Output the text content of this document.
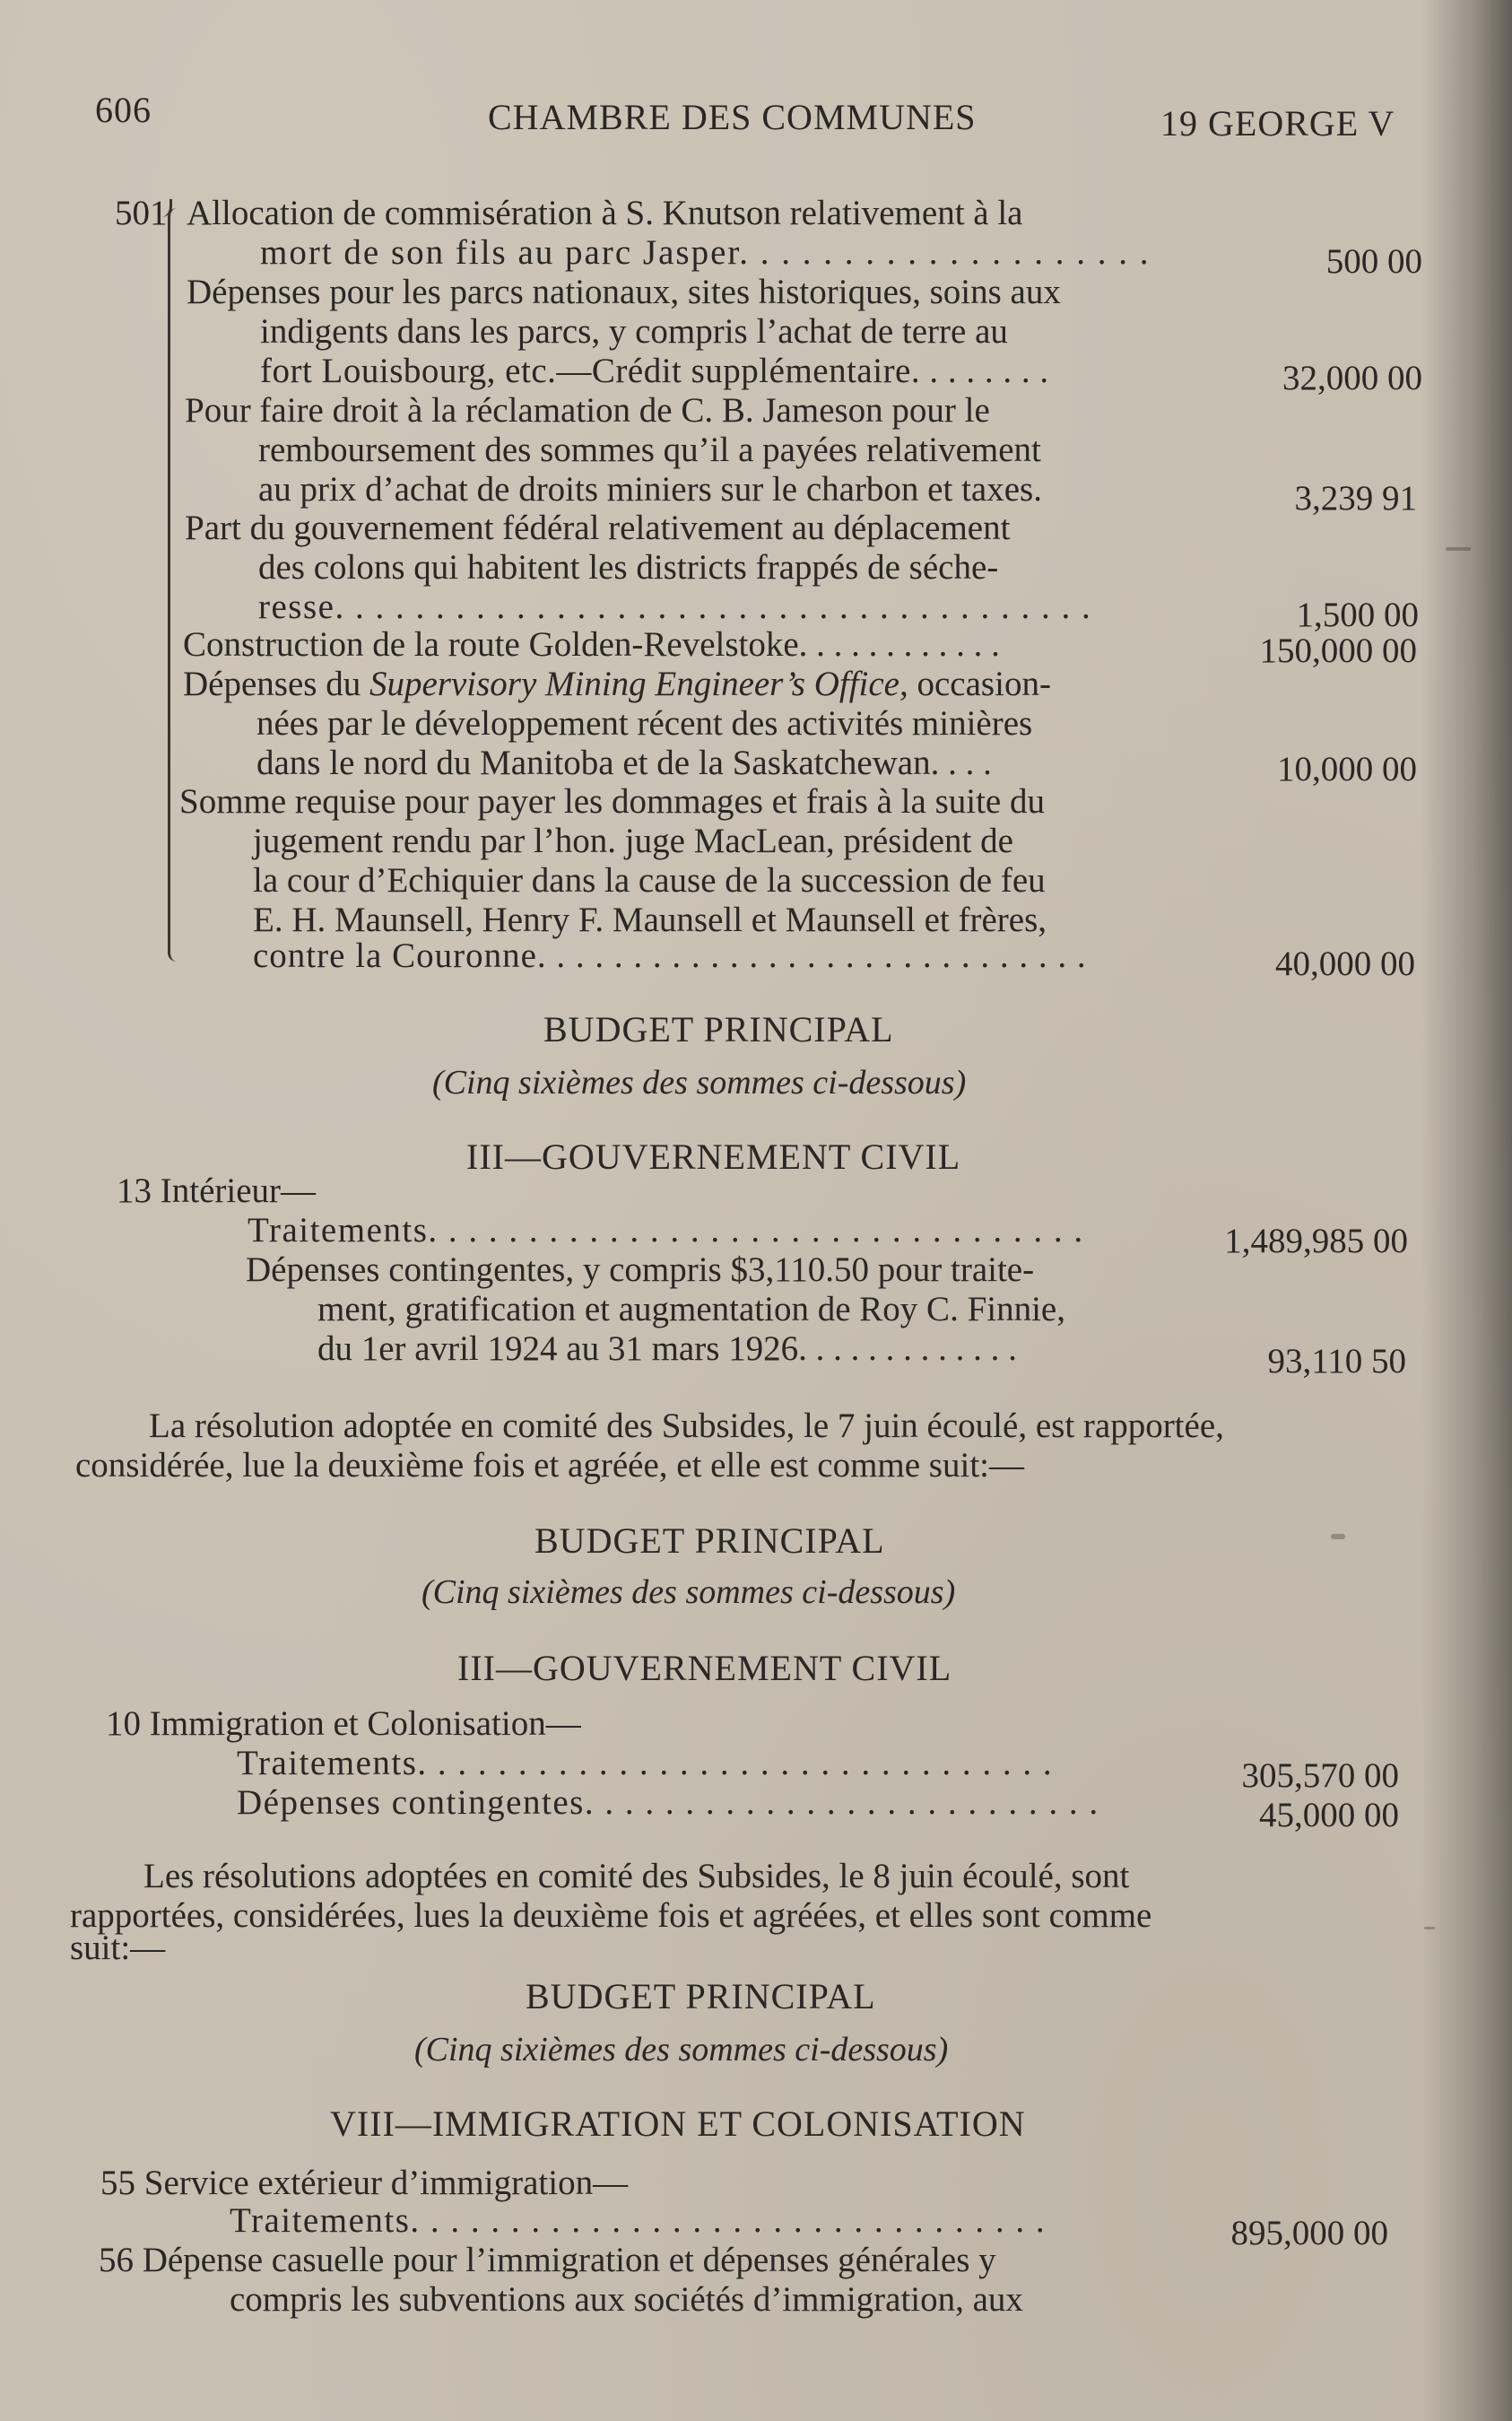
606	CHAMBRE DES COMMUNES	19 GEORGE V
501 Allocation de commisération à S. Knutson relativement à la
mort de son fils au parc Jasper. . . . . . . . . . . . . . . . . . . .	500 00
Dépenses pour les parcs nationaux, sites historiques, soins aux
indigents dans les parcs, y compris l’achat de terre au
fort Louisbourg, etc.—Crédit supplémentaire. . . . . . . .	32,000 00
Pour faire droit à la réclamation de C. B. Jameson pour le
remboursement des sommes qu’il a payées relativement
au prix d’achat de droits miniers sur le charbon et taxes.	3,239 91
Part du gouvernement fédéral relativement au déplacement
des colons qui habitent les districts frappés de séche-
resse. . . . . . . . . . . . . . . . . . . . . . . . . . . . . . . . . . . . . .	1,500 00
Construction de la route Golden-Revelstoke. . . . . . . . . . . .	150,000 00
Dépenses du Supervisory Mining Engineer’s Office, occasion-
nées par le développement récent des activités minières
dans le nord du Manitoba et de la Saskatchewan. . . .	10,000 00
Somme requise pour payer les dommages et frais à la suite du
jugement rendu par l’hon. juge MacLean, président de
la cour d’Echiquier dans la cause de la succession de feu
E. H. Maunsell, Henry F. Maunsell et Maunsell et frères,
contre la Couronne. . . . . . . . . . . . . . . . . . . . . . . . . . . . .	40,000 00
BUDGET PRINCIPAL
(Cinq sixièmes des sommes ci-dessous)
III—GOUVERNEMENT CIVIL
13 Intérieur—
Traitements. . . . . . . . . . . . . . . . . . . . . . . . . . . . . . . . .	1,489,985 00
Dépenses contingentes, y compris $3,110.50 pour traite-
ment, gratification et augmentation de Roy C. Finnie,
du 1er avril 1924 au 31 mars 1926. . . . . . . . . . . . .	93,110 50
La résolution adoptée en comité des Subsides, le 7 juin écoulé, est rapportée,
considérée, lue la deuxième fois et agréée, et elle est comme suit:—
BUDGET PRINCIPAL
(Cinq sixièmes des sommes ci-dessous)
III—GOUVERNEMENT CIVIL
10 Immigration et Colonisation—
Traitements. . . . . . . . . . . . . . . . . . . . . . . . . . . . . . . .	305,570 00
Dépenses contingentes. . . . . . . . . . . . . . . . . . . . . . . . . .	45,000 00
Les résolutions adoptées en comité des Subsides, le 8 juin écoulé, sont
rapportées, considérées, lues la deuxième fois et agréées, et elles sont comme
suit:—
BUDGET PRINCIPAL
(Cinq sixièmes des sommes ci-dessous)
VIII—IMMIGRATION ET COLONISATION
55 Service extérieur d’immigration—
Traitements. . . . . . . . . . . . . . . . . . . . . . . . . . . . . . . .	895,000 00
56 Dépense casuelle pour l’immigration et dépenses générales y
compris les subventions aux sociétés d’immigration, aux
